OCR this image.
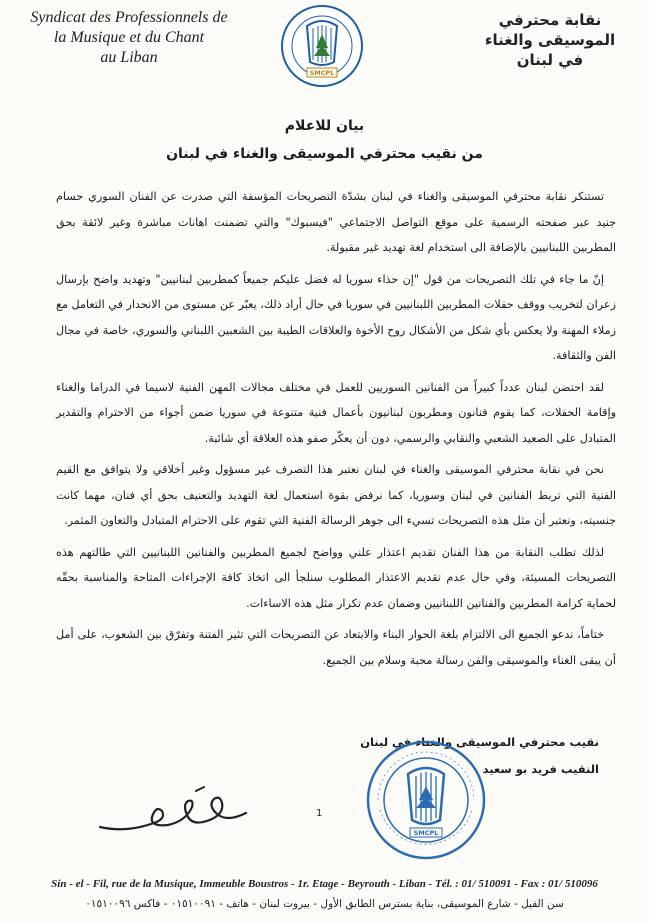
Syndicat des Professionnels de
la Musique et du Chant
au Liban
SMCPL
نقابة محترفي
الموسيقى والغناء
في لبنان
بيان للاعلام
من نقيب محترفي الموسيقى والغناء في لبنان

تستنكر نقابة محترفي الموسيقى والغناء في لبنان بشدّة التصريحات المؤسفة التي صدرت عن الفنان السوري حسام جنيد عبر صفحته الرسمية على موقع التواصل الاجتماعي "فيسبوك" والتي تضمنت اهانات مباشرة وغير لائقة بحق المطربين اللبنانيين بالإضافة الى استخدام لغة تهديد غير مقبولة.

إنّ ما جاء في تلك التصريحات من قول "إن حذاء سوريا له فضل عليكم جميعاً كمطربين لبنانيين" وتهديد واضح بإرسال زعران لتخريب ووقف حفلات المطربين اللبنانيين في سوريا في حال أراد ذلك، يعبّر عن مستوى من الانحدار في التعامل مع زملاء المهنة ولا يعكس بأي شكل من الأشكال روح الأخوة والعلاقات الطيبة بين الشعبين اللبناني والسوري، خاصة في مجال الفن والثقافة.

لقد احتضن لبنان عدداً كبيراً من الفنانين السوريين للعمل في مختلف مجالات المهن الفنية لاسيما في الدراما والغناء وإقامة الحفلات، كما يقوم فنانون ومطربون لبنانيون بأعمال فنية متنوعة في سوريا ضمن أجواء من الاحترام والتقدير المتبادل على الصعيد الشعبي والنقابي والرسمي، دون أن يعكّر صفو هذه العلاقة أي شائبة.

نحن في نقابة محترفي الموسيقى والغناء في لبنان نعتبر هذا التصرف غير مسؤول وغير أخلاقي ولا يتوافق مع القيم الفنية التي تربط الفنانين في لبنان وسوريا، كما نرفض بقوة استعمال لغة التهديد والتعنيف بحق أي فنان، مهما كانت جنسيته، ونعتبر أن مثل هذه التصريحات تسيء الى جوهر الرسالة الفنية التي تقوم على الاحترام المتبادل والتعاون المثمر.

لذلك تطلب النقابة من هذا الفنان تقديم اعتذار علني وواضح لجميع المطربين والفنانين اللبنانيين التي طالتهم هذه التصريحات المسيئة، وفي حال عدم تقديم الاعتذار المطلوب سنلجأ الى اتخاذ كافة الإجراءات المتاحة والمناسبة بحقّه لحماية كرامة المطربين والفنانين اللبنانيين وضمان عدم تكرار مثل هذه الاساءات.

ختاماً، ندعو الجميع الى الالتزام بلغة الحوار البناء والابتعاد عن التصريحات التي تثير الفتنة وتفرّق بين الشعوب، على أمل أن يبقى الغناء والموسيقى والفن رسالة محبة وسلام بين الجميع.

نقيب محترفي الموسيقى والغناء في لبنان
النقيب فريد بو سعيد
1
SMCPL
Sin - el - Fil, rue de la Musique, Immeuble Boustros - 1r. Etage - Beyrouth - Liban - Tél. : 01/ 510091 - Fax : 01/ 510096
سن الفيل - شارع الموسيقى، بناية بسترس الطابق الأول - بيروت لبنان - هاتف - ٠١٥١٠٠٩١ - فاكس ٠١٥١٠٠٩٦
